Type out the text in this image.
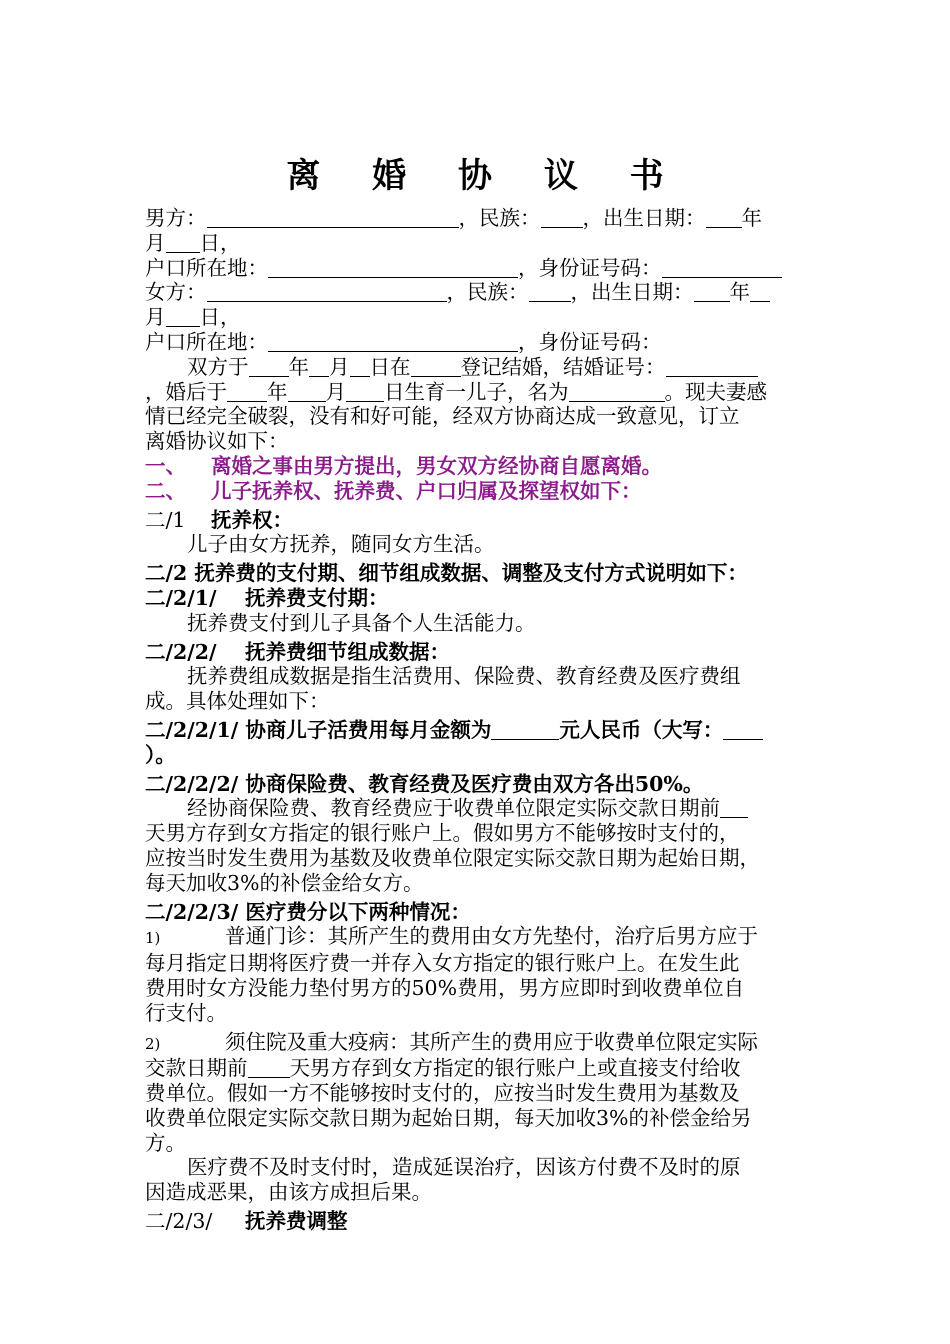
离 婚 协 议 书
男方：	，民族： ，出生日期： 年
月 日，
户口所在地：	，身份证号码：
女方：	，民族： ，出生日期： 年
月 日，
户口所在地：	，身份证号码：
双方于 年 月 日在 登记结婚，结婚证号：
，婚后于 年 月 日生育一儿子，名为	。现夫妻感
情已经完全破裂，没有和好可能，经双方协商达成一致意见，订立
离婚协议如下：
一、 离婚之事由男方提出，男女双方经协商自愿离婚。
二、 儿子抚养权、抚养费、户口归属及探望权如下：
二/1 抚养权：
儿子由女方抚养，随同女方生活。
二/2 抚养费的支付期、细节组成数据、调整及支付方式说明如下：
二/2/1/ 抚养费支付期：
抚养费支付到儿子具备个人生活能力。
二/2/2/ 抚养费细节组成数据：
抚养费组成数据是指生活费用、保险费、教育经费及医疗费组
成。具体处理如下：
二/2/2/1/ 协商儿子活费用每月金额为	元人民币（大写：
）。
二/2/2/2/ 协商保险费、教育经费及医疗费由双方各出50%。
经协商保险费、教育经费应于收费单位限定实际交款日期前
天男方存到女方指定的银行账户上。假如男方不能够按时支付的，
应按当时发生费用为基数及收费单位限定实际交款日期为起始日期，
每天加收3%的补偿金给女方。
二/2/2/3/ 医疗费分以下两种情况：
1)	普通门诊：其所产生的费用由女方先垫付，治疗后男方应于
每月指定日期将医疗费一并存入女方指定的银行账户上。在发生此
费用时女方没能力垫付男方的50%费用，男方应即时到收费单位自
行支付。
2)	须住院及重大疫病：其所产生的费用应于收费单位限定实际
交款日期前 天男方存到女方指定的银行账户上或直接支付给收
费单位。假如一方不能够按时支付的，应按当时发生费用为基数及
收费单位限定实际交款日期为起始日期，每天加收3%的补偿金给另
方。
医疗费不及时支付时，造成延误治疗，因该方付费不及时的原
因造成恶果，由该方成担后果。
二/2/3/ 抚养费调整
